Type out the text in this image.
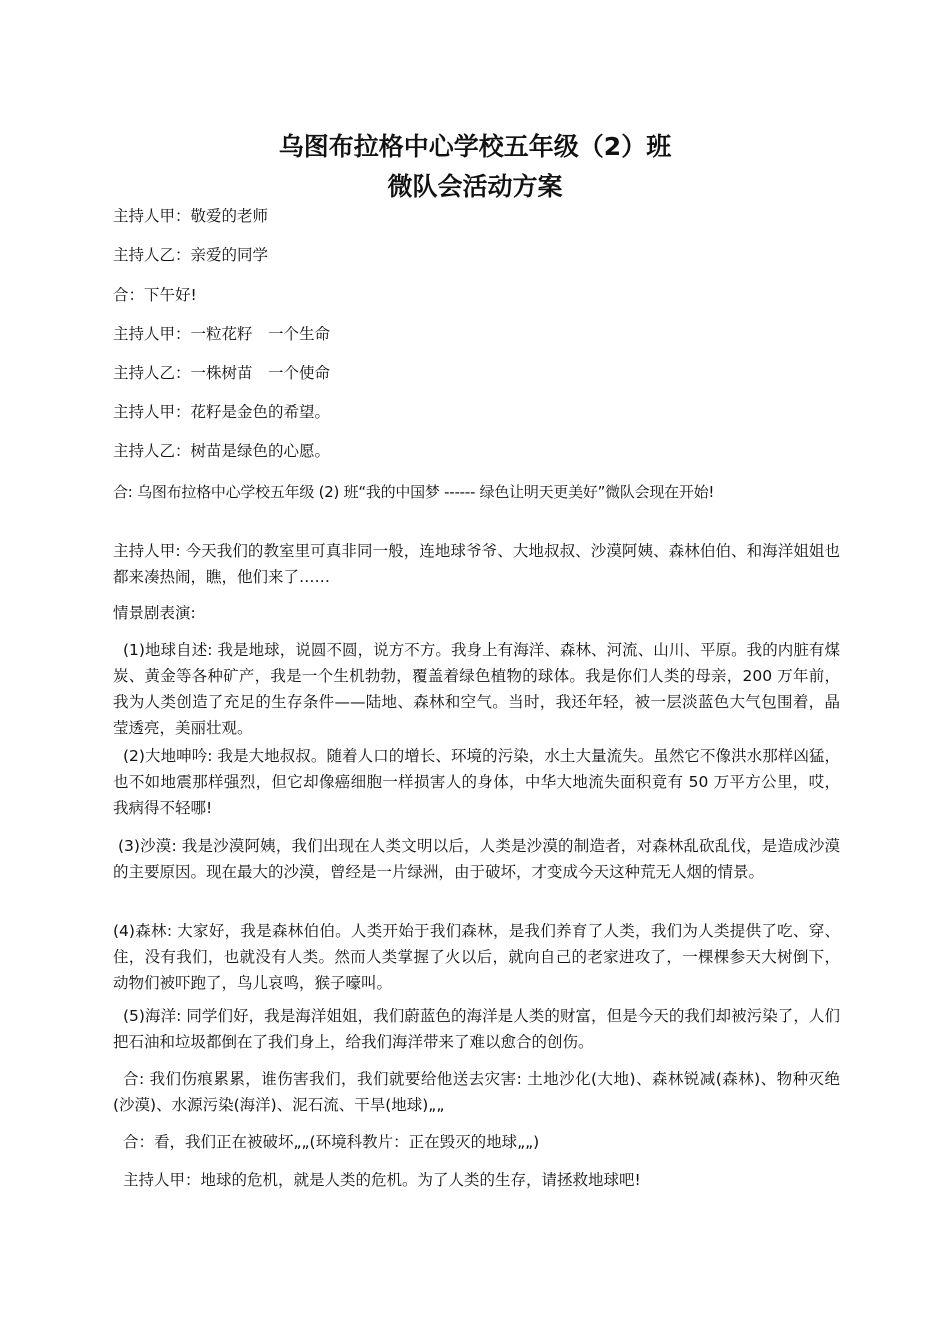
乌图布拉格中心学校五年级（2）班
微队会活动方案

主持人甲：敬爱的老师

主持人乙：亲爱的同学

合：下午好!

主持人甲：一粒花籽　一个生命

主持人乙：一株树苗　一个使命

主持人甲：花籽是金色的希望。

主持人乙：树苗是绿色的心愿。

合: 乌图布拉格中心学校五年级 (2) 班“我的中国梦 ------ 绿色让明天更美好”微队会现在开始!

主持人甲: 今天我们的教室里可真非同一般，连地球爷爷、大地叔叔、沙漠阿姨、森林伯伯、和海洋姐姐也都来凑热闹，瞧，他们来了……

情景剧表演:

(1)地球自述: 我是地球，说圆不圆，说方不方。我身上有海洋、森林、河流、山川、平原。我的内脏有煤炭、黄金等各种矿产，我是一个生机勃勃，覆盖着绿色植物的球体。我是你们人类的母亲，200 万年前，我为人类创造了充足的生存条件——陆地、森林和空气。当时，我还年轻，被一层淡蓝色大气包围着，晶莹透亮，美丽壮观。

(2)大地呻吟: 我是大地叔叔。随着人口的增长、环境的污染，水土大量流失。虽然它不像洪水那样凶猛，也不如地震那样强烈，但它却像癌细胞一样损害人的身体，中华大地流失面积竟有 50 万平方公里，哎，我病得不轻哪!

(3)沙漠: 我是沙漠阿姨，我们出现在人类文明以后，人类是沙漠的制造者，对森林乱砍乱伐，是造成沙漠的主要原因。现在最大的沙漠，曾经是一片绿洲，由于破坏，才变成今天这种荒无人烟的情景。

(4)森林: 大家好，我是森林伯伯。人类开始于我们森林，是我们养育了人类，我们为人类提供了吃、穿、住，没有我们，也就没有人类。然而人类掌握了火以后，就向自己的老家进攻了，一棵棵参天大树倒下，动物们被吓跑了，鸟儿哀鸣，猴子嚎叫。

(5)海洋: 同学们好，我是海洋姐姐，我们蔚蓝色的海洋是人类的财富，但是今天的我们却被污染了，人们把石油和垃圾都倒在了我们身上，给我们海洋带来了难以愈合的创伤。

合: 我们伤痕累累，谁伤害我们，我们就要给他送去灾害: 土地沙化(大地)、森林锐减(森林)、物种灭绝(沙漠)、水源污染(海洋)、泥石流、干旱(地球)„„

合：看，我们正在被破坏„„(环境科教片：正在毁灭的地球„„)

主持人甲：地球的危机，就是人类的危机。为了人类的生存，请拯救地球吧!
